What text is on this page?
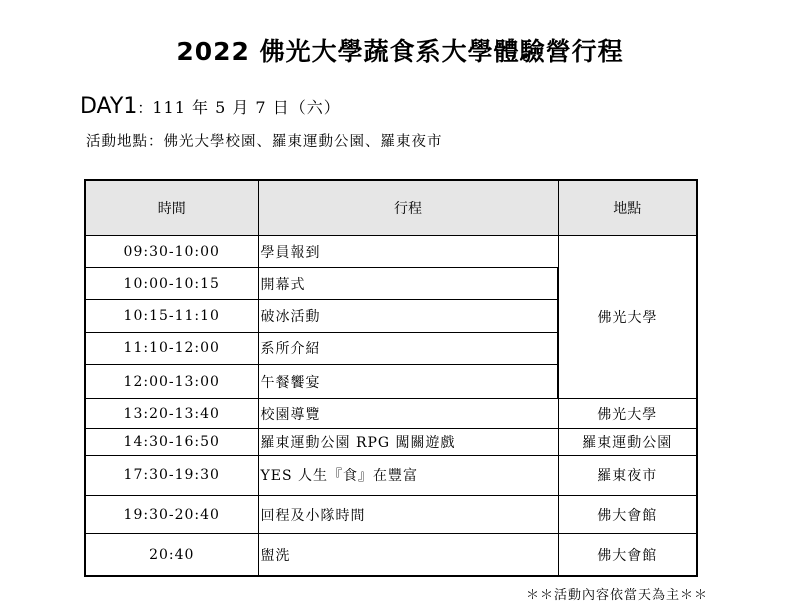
2022 佛光大學蔬食系大學體驗營行程
DAY1：111 年 5 月 7 日（六）
活動地點：佛光大學校園、羅東運動公園、羅東夜市
時間	行程	地點
09:30-10:00	學員報到	佛光大學
10:00-10:15	開幕式	
10:15-11:10	破冰活動	
11:10-12:00	系所介紹	
12:00-13:00	午餐饗宴	
13:20-13:40	校園導覽	佛光大學
14:30-16:50	羅東運動公園 RPG 闖關遊戲	羅東運動公園
17:30-19:30	YES 人生『食』在豐富	羅東夜市
19:30-20:40	回程及小隊時間	佛大會館
20:40	盥洗	佛大會館
＊＊活動內容依當天為主＊＊
